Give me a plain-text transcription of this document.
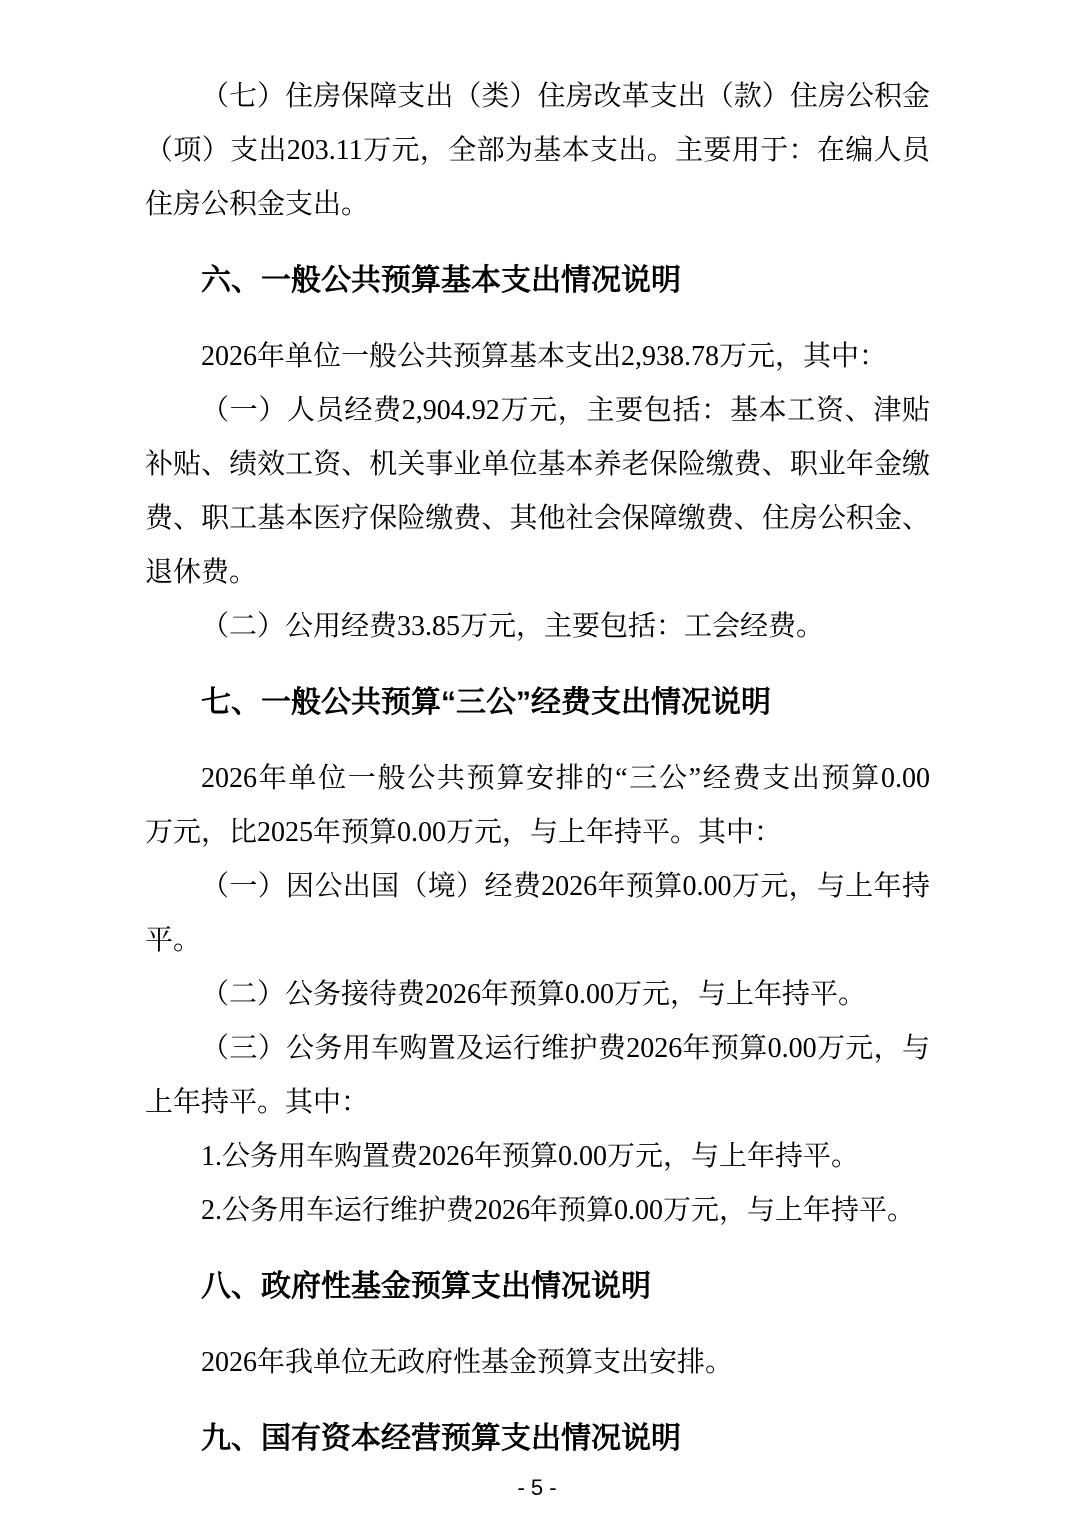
（七）住房保障支出（类）住房改革支出（款）住房公积金
（项）支出203.11万元，全部为基本支出。主要用于：在编人员
住房公积金支出。
六、一般公共预算基本支出情况说明
2026年单位一般公共预算基本支出2,938.78万元，其中：
（一）人员经费2,904.92万元，主要包括：基本工资、津贴
补贴、绩效工资、机关事业单位基本养老保险缴费、职业年金缴
费、职工基本医疗保险缴费、其他社会保障缴费、住房公积金、
退休费。
（二）公用经费33.85万元，主要包括：工会经费。
七、一般公共预算“三公”经费支出情况说明
2026年单位一般公共预算安排的“三公”经费支出预算0.00
万元，比2025年预算0.00万元，与上年持平。其中：
（一）因公出国（境）经费2026年预算0.00万元，与上年持
平。
（二）公务接待费2026年预算0.00万元，与上年持平。
（三）公务用车购置及运行维护费2026年预算0.00万元，与
上年持平。其中：
1.公务用车购置费2026年预算0.00万元，与上年持平。
2.公务用车运行维护费2026年预算0.00万元，与上年持平。
八、政府性基金预算支出情况说明
2026年我单位无政府性基金预算支出安排。
九、国有资本经营预算支出情况说明
- 5 -
